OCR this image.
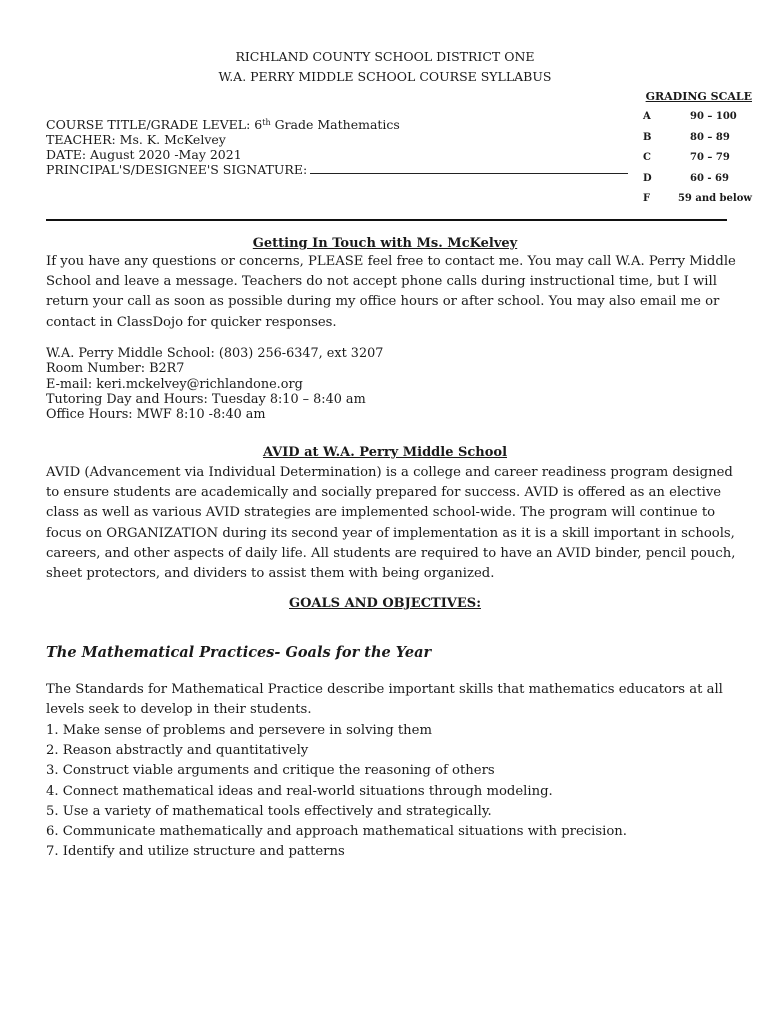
RICHLAND COUNTY SCHOOL DISTRICT ONE
W.A. PERRY MIDDLE SCHOOL COURSE SYLLABUS
COURSE TITLE/GRADE LEVEL: 6th Grade Mathematics
TEACHER: Ms. K. McKelvey
DATE: August 2020 -May 2021
PRINCIPAL'S/DESIGNEE'S SIGNATURE:
GRADING SCALE
A	90 – 100
B	80 – 89
C	70 – 79
D	60 - 69
F	59 and below
Getting In Touch with Ms. McKelvey
If you have any questions or concerns, PLEASE feel free to contact me. You may call W.A. Perry Middle School and leave a message. Teachers do not accept phone calls during instructional time, but I will return your call as soon as possible during my office hours or after school. You may also email me or contact in ClassDojo for quicker responses.
W.A. Perry Middle School: (803) 256-6347, ext 3207
Room Number: B2R7
E-mail: keri.mckelvey@richlandone.org
Tutoring Day and Hours: Tuesday 8:10 – 8:40 am
Office Hours: MWF 8:10 -8:40 am
AVID at W.A. Perry Middle School
AVID (Advancement via Individual Determination) is a college and career readiness program designed to ensure students are academically and socially prepared for success. AVID is offered as an elective class as well as various AVID strategies are implemented school-wide. The program will continue to focus on ORGANIZATION during its second year of implementation as it is a skill important in schools, careers, and other aspects of daily life. All students are required to have an AVID binder, pencil pouch, sheet protectors, and dividers to assist them with being organized.
GOALS AND OBJECTIVES:
The Mathematical Practices- Goals for the Year
The Standards for Mathematical Practice describe important skills that mathematics educators at all levels seek to develop in their students.
1. Make sense of problems and persevere in solving them
2. Reason abstractly and quantitatively
3. Construct viable arguments and critique the reasoning of others
4. Connect mathematical ideas and real-world situations through modeling.
5. Use a variety of mathematical tools effectively and strategically.
6. Communicate mathematically and approach mathematical situations with precision.
7. Identify and utilize structure and patterns
